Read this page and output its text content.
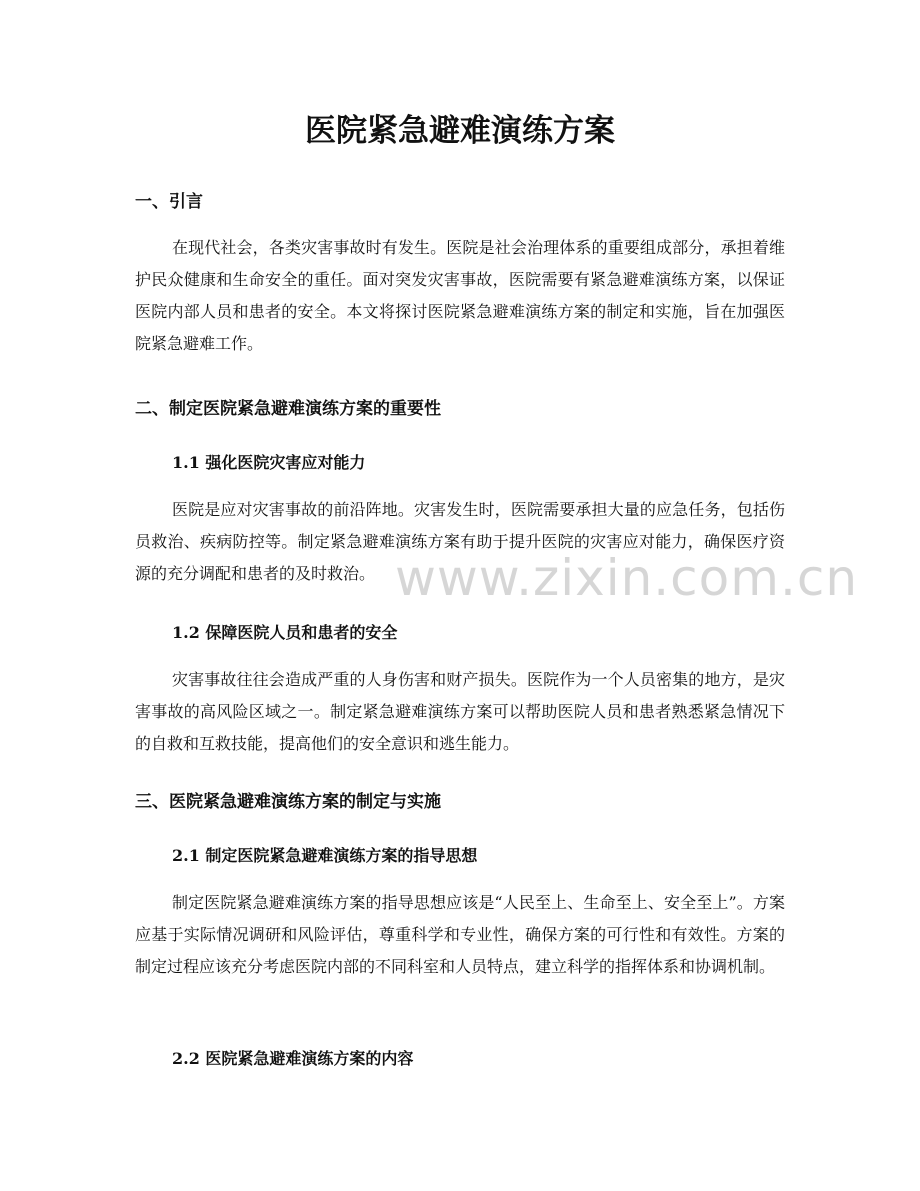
医院紧急避难演练方案
一、引言

在现代社会，各类灾害事故时有发生。医院是社会治理体系的重要组成部分，承担着维护民众健康和生命安全的重任。面对突发灾害事故，医院需要有紧急避难演练方案，以保证医院内部人员和患者的安全。本文将探讨医院紧急避难演练方案的制定和实施，旨在加强医院紧急避难工作。

二、制定医院紧急避难演练方案的重要性
1.1 强化医院灾害应对能力

医院是应对灾害事故的前沿阵地。灾害发生时，医院需要承担大量的应急任务，包括伤员救治、疾病防控等。制定紧急避难演练方案有助于提升医院的灾害应对能力，确保医疗资源的充分调配和患者的及时救治。

1.2 保障医院人员和患者的安全

灾害事故往往会造成严重的人身伤害和财产损失。医院作为一个人员密集的地方，是灾害事故的高风险区域之一。制定紧急避难演练方案可以帮助医院人员和患者熟悉紧急情况下的自救和互救技能，提高他们的安全意识和逃生能力。

三、医院紧急避难演练方案的制定与实施
2.1 制定医院紧急避难演练方案的指导思想

制定医院紧急避难演练方案的指导思想应该是“人民至上、生命至上、安全至上”。方案应基于实际情况调研和风险评估，尊重科学和专业性，确保方案的可行性和有效性。方案的制定过程应该充分考虑医院内部的不同科室和人员特点，建立科学的指挥体系和协调机制。

2.2 医院紧急避难演练方案的内容
www.zixin.com.cn
